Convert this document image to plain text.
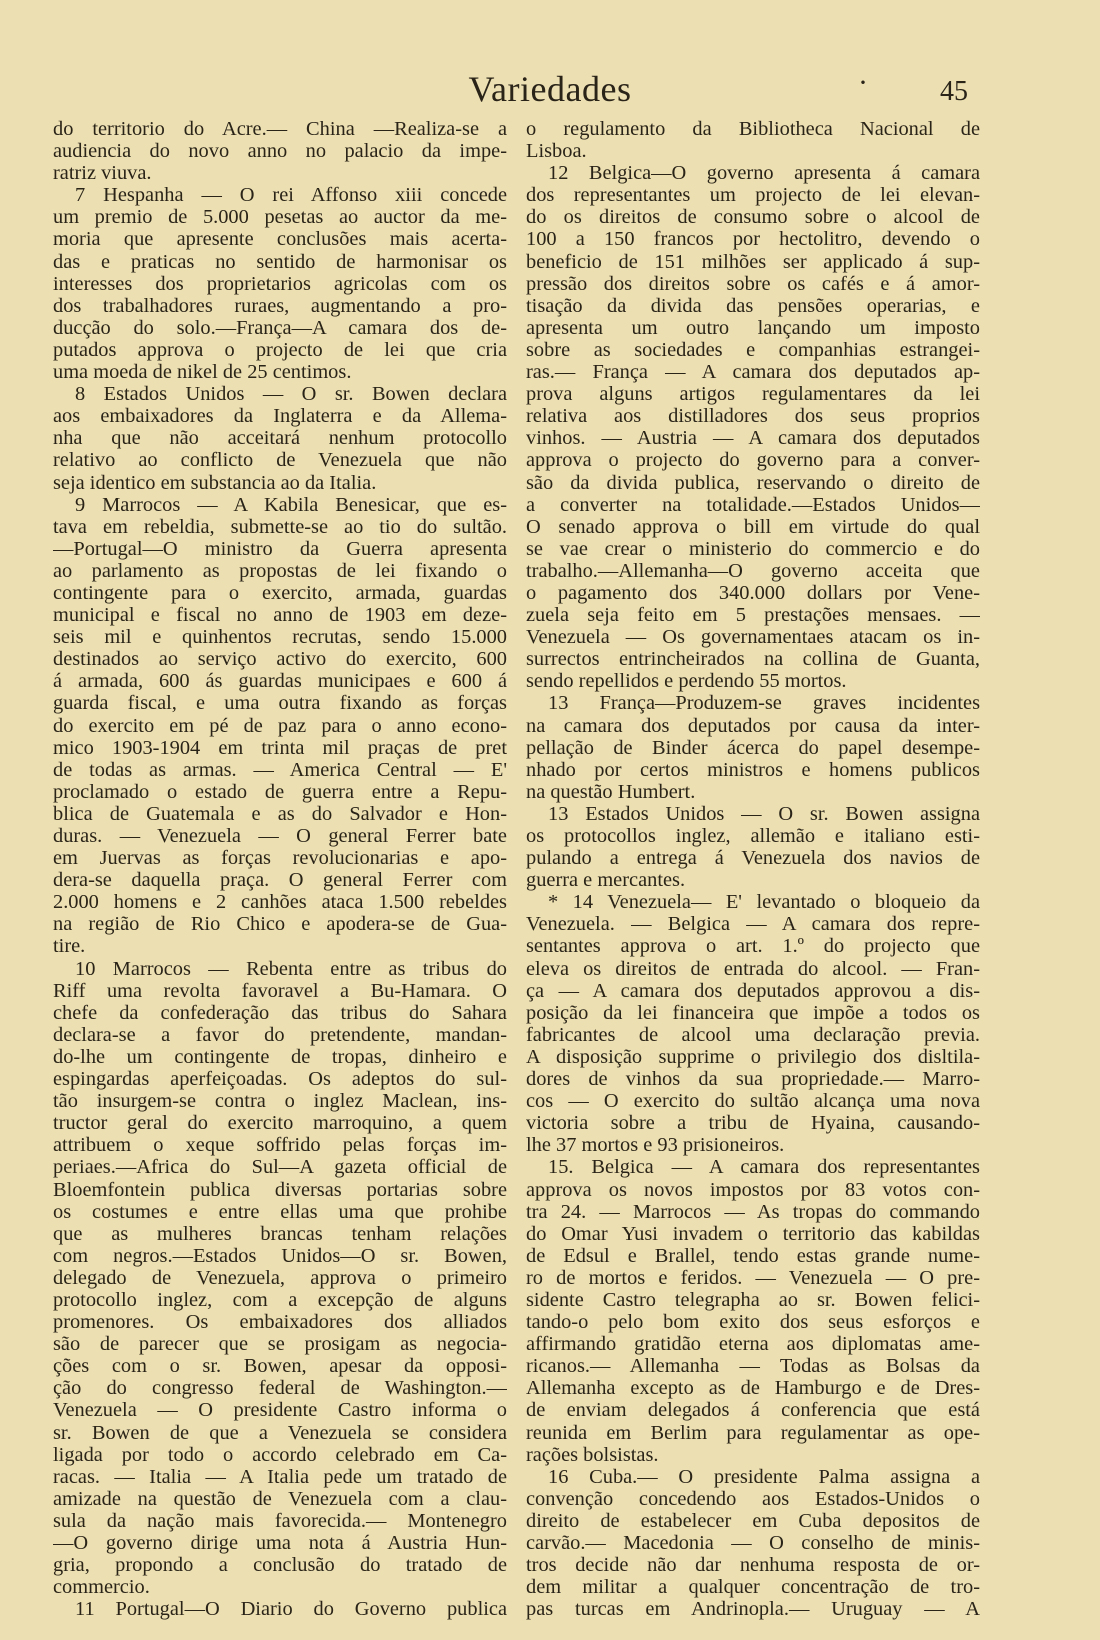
Variedades	·	45
do territorio do Acre.— China —Realiza-se a
audiencia do novo anno no palacio da impe-
ratriz viuva.
7 Hespanha — O rei Affonso xiii concede
um premio de 5.000 pesetas ao auctor da me-
moria que apresente conclusões mais acerta-
das e praticas no sentido de harmonisar os
interesses dos proprietarios agricolas com os
dos trabalhadores ruraes, augmentando a pro-
ducção do solo.—França—A camara dos de-
putados approva o projecto de lei que cria
uma moeda de nikel de 25 centimos.
8 Estados Unidos — O sr. Bowen declara
aos embaixadores da Inglaterra e da Allema-
nha que não acceitará nenhum protocollo
relativo ao conflicto de Venezuela que não
seja identico em substancia ao da Italia.
9 Marrocos — A Kabila Benesicar, que es-
tava em rebeldia, submette-se ao tio do sultão.
—Portugal—O ministro da Guerra apresenta
ao parlamento as propostas de lei fixando o
contingente para o exercito, armada, guardas
municipal e fiscal no anno de 1903 em deze-
seis mil e quinhentos recrutas, sendo 15.000
destinados ao serviço activo do exercito, 600
á armada, 600 ás guardas municipaes e 600 á
guarda fiscal, e uma outra fixando as forças
do exercito em pé de paz para o anno econo-
mico 1903-1904 em trinta mil praças de pret
de todas as armas. — America Central — E'
proclamado o estado de guerra entre a Repu-
blica de Guatemala e as do Salvador e Hon-
duras. — Venezuela — O general Ferrer bate
em Juervas as forças revolucionarias e apo-
dera-se daquella praça. O general Ferrer com
2.000 homens e 2 canhões ataca 1.500 rebeldes
na região de Rio Chico e apodera-se de Gua-
tire.
10 Marrocos — Rebenta entre as tribus do
Riff uma revolta favoravel a Bu-Hamara. O
chefe da confederação das tribus do Sahara
declara-se a favor do pretendente, mandan-
do-lhe um contingente de tropas, dinheiro e
espingardas aperfeiçoadas. Os adeptos do sul-
tão insurgem-se contra o inglez Maclean, ins-
tructor geral do exercito marroquino, a quem
attribuem o xeque soffrido pelas forças im-
periaes.—Africa do Sul—A gazeta official de
Bloemfontein publica diversas portarias sobre
os costumes e entre ellas uma que prohibe
que as mulheres brancas tenham relações
com negros.—Estados Unidos—O sr. Bowen,
delegado de Venezuela, approva o primeiro
protocollo inglez, com a excepção de alguns
promenores. Os embaixadores dos alliados
são de parecer que se prosigam as negocia-
ções com o sr. Bowen, apesar da opposi-
ção do congresso federal de Washington.—
Venezuela — O presidente Castro informa o
sr. Bowen de que a Venezuela se considera
ligada por todo o accordo celebrado em Ca-
racas. — Italia — A Italia pede um tratado de
amizade na questão de Venezuela com a clau-
sula da nação mais favorecida.— Montenegro
—O governo dirige uma nota á Austria Hun-
gria, propondo a conclusão do tratado de
commercio.
11 Portugal—O Diario do Governo publica
o regulamento da Bibliotheca Nacional de
Lisboa.
12 Belgica—O governo apresenta á camara
dos representantes um projecto de lei elevan-
do os direitos de consumo sobre o alcool de
100 a 150 francos por hectolitro, devendo o
beneficio de 151 milhões ser applicado á sup-
pressão dos direitos sobre os cafés e á amor-
tisação da divida das pensões operarias, e
apresenta um outro lançando um imposto
sobre as sociedades e companhias estrangei-
ras.— França — A camara dos deputados ap-
prova alguns artigos regulamentares da lei
relativa aos distilladores dos seus proprios
vinhos. — Austria — A camara dos deputados
approva o projecto do governo para a conver-
são da divida publica, reservando o direito de
a converter na totalidade.—Estados Unidos—
O senado approva o bill em virtude do qual
se vae crear o ministerio do commercio e do
trabalho.—Allemanha—O governo acceita que
o pagamento dos 340.000 dollars por Vene-
zuela seja feito em 5 prestações mensaes. —
Venezuela — Os governamentaes atacam os in-
surrectos entrincheirados na collina de Guanta,
sendo repellidos e perdendo 55 mortos.
13 França—Produzem-se graves incidentes
na camara dos deputados por causa da inter-
pellação de Binder ácerca do papel desempe-
nhado por certos ministros e homens publicos
na questão Humbert.
13 Estados Unidos — O sr. Bowen assigna
os protocollos inglez, allemão e italiano esti-
pulando a entrega á Venezuela dos navios de
guerra e mercantes.
* 14 Venezuela— E' levantado o bloqueio da
Venezuela. — Belgica — A camara dos repre-
sentantes approva o art. 1.º do projecto que
eleva os direitos de entrada do alcool. — Fran-
ça — A camara dos deputados approvou a dis-
posição da lei financeira que impõe a todos os
fabricantes de alcool uma declaração previa.
A disposição supprime o privilegio dos disltila-
dores de vinhos da sua propriedade.— Marro-
cos — O exercito do sultão alcança uma nova
victoria sobre a tribu de Hyaina, causando-
lhe 37 mortos e 93 prisioneiros.
15. Belgica — A camara dos representantes
approva os novos impostos por 83 votos con-
tra 24. — Marrocos — As tropas do commando
do Omar Yusi invadem o territorio das kabildas
de Edsul e Brallel, tendo estas grande nume-
ro de mortos e feridos. — Venezuela — O pre-
sidente Castro telegrapha ao sr. Bowen felici-
tando-o pelo bom exito dos seus esforços e
affirmando gratidão eterna aos diplomatas ame-
ricanos.— Allemanha — Todas as Bolsas da
Allemanha excepto as de Hamburgo e de Dres-
de enviam delegados á conferencia que está
reunida em Berlim para regulamentar as ope-
rações bolsistas.
16 Cuba.— O presidente Palma assigna a
convenção concedendo aos Estados-Unidos o
direito de estabelecer em Cuba depositos de
carvão.— Macedonia — O conselho de minis-
tros decide não dar nenhuma resposta de or-
dem militar a qualquer concentração de tro-
pas turcas em Andrinopla.— Uruguay — A
